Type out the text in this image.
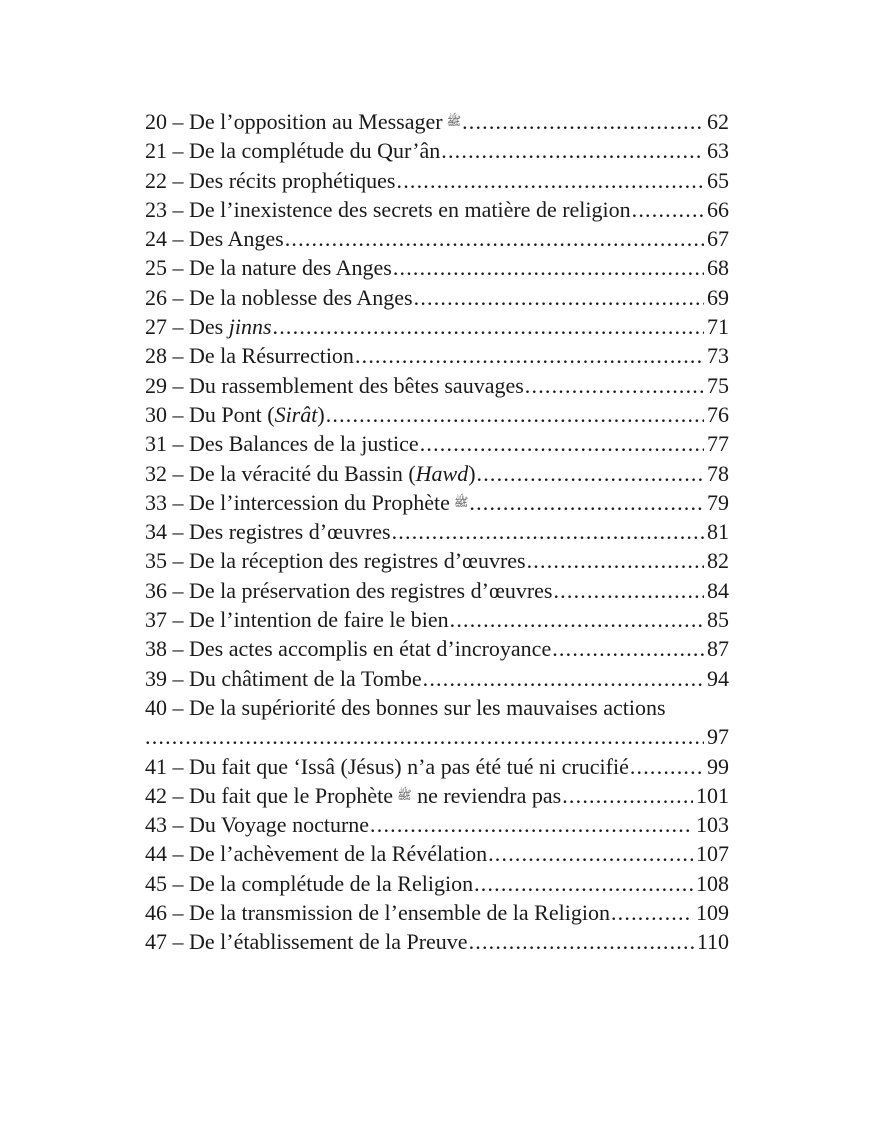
20 – De l’opposition au Messager ﷺ .....	62
21 – De la complétude du Qur’ân .....	63
22 – Des récits prophétiques .....	65
23 – De l’inexistence des secrets en matière de religion .....	66
24 – Des Anges .....	67
25 – De la nature des Anges .....	68
26 – De la noblesse des Anges .....	69
27 – Des jinns .....	71
28 – De la Résurrection .....	73
29 – Du rassemblement des bêtes sauvages .....	75
30 – Du Pont (Sirât) .....	76
31 – Des Balances de la justice .....	77
32 – De la véracité du Bassin (Hawd) .....	78
33 – De l’intercession du Prophète ﷺ .....	79
34 – Des registres d’œuvres .....	81
35 – De la réception des registres d’œuvres .....	82
36 – De la préservation des registres d’œuvres .....	84
37 – De l’intention de faire le bien .....	85
38 – Des actes accomplis en état d’incroyance .....	87
39 – Du châtiment de la Tombe .....	94
40 – De la supériorité des bonnes sur les mauvaises actions
.....
97
41 – Du fait que ‘Issâ (Jésus) n’a pas été tué ni crucifié .....	99
42 – Du fait que le Prophète ﷺ ne reviendra pas .....	101
43 – Du Voyage nocturne .....	103
44 – De l’achèvement de la Révélation .....	107
45 – De la complétude de la Religion .....	108
46 – De la transmission de l’ensemble de la Religion .....	109
47 – De l’établissement de la Preuve .....	110
